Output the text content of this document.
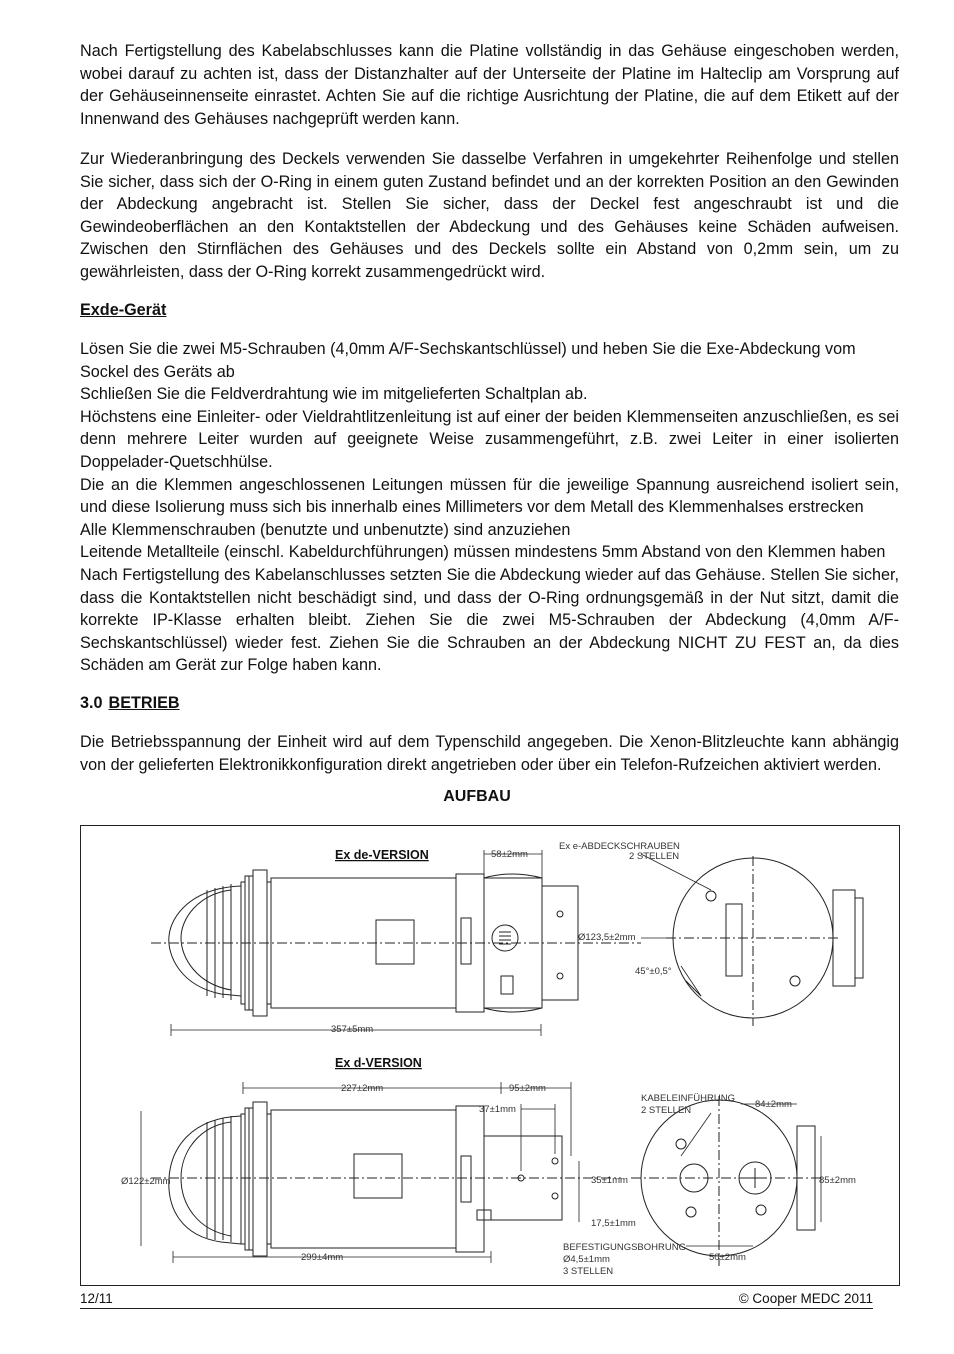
Nach Fertigstellung des Kabelabschlusses kann die Platine vollständig in das Gehäuse eingeschoben werden, wobei darauf zu achten ist, dass der Distanzhalter auf der Unterseite der Platine im Halteclip am Vorsprung auf der Gehäuseinnenseite einrastet. Achten Sie auf die richtige Ausrichtung der Platine, die auf dem Etikett auf der Innenwand des Gehäuses nachgeprüft werden kann.

Zur Wiederanbringung des Deckels verwenden Sie dasselbe Verfahren in umgekehrter Reihenfolge und stellen Sie sicher, dass sich der O-Ring in einem guten Zustand befindet und an der korrekten Position an den Gewinden der Abdeckung angebracht ist. Stellen Sie sicher, dass der Deckel fest angeschraubt ist und die Gewindeoberflächen an den Kontaktstellen der Abdeckung und des Gehäuses keine Schäden aufweisen. Zwischen den Stirnflächen des Gehäuses und des Deckels sollte ein Abstand von 0,2mm sein, um zu gewährleisten, dass der O-Ring korrekt zusammengedrückt wird.

Exde-Gerät

Lösen Sie die zwei M5-Schrauben (4,0mm A/F-Sechskantschlüssel) und heben Sie die Exe-Abdeckung vom Sockel des Geräts ab

Schließen Sie die Feldverdrahtung wie im mitgelieferten Schaltplan ab.

Höchstens eine Einleiter- oder Vieldrahtlitzenleitung ist auf einer der beiden Klemmenseiten anzuschließen, es sei denn mehrere Leiter wurden auf geeignete Weise zusammengeführt, z.B. zwei Leiter in einer isolierten Doppelader-Quetschhülse.

Die an die Klemmen angeschlossenen Leitungen müssen für die jeweilige Spannung ausreichend isoliert sein, und diese Isolierung muss sich bis innerhalb eines Millimeters vor dem Metall des Klemmenhalses erstrecken

Alle Klemmenschrauben (benutzte und unbenutzte) sind anzuziehen

Leitende Metallteile (einschl. Kabeldurchführungen) müssen mindestens 5mm Abstand von den Klemmen haben

Nach Fertigstellung des Kabelanschlusses setzten Sie die Abdeckung wieder auf das Gehäuse. Stellen Sie sicher, dass die Kontaktstellen nicht beschädigt sind, und dass der O-Ring ordnungsgemäß in der Nut sitzt, damit die korrekte IP-Klasse erhalten bleibt. Ziehen Sie die zwei M5-Schrauben der Abdeckung (4,0mm A/F-Sechskantschlüssel) wieder fest. Ziehen Sie die Schrauben an der Abdeckung NICHT ZU FEST an, da dies Schäden am Gerät zur Folge haben kann.

3.0 BETRIEB

Die Betriebsspannung der Einheit wird auf dem Typenschild angegeben. Die Xenon-Blitzleuchte kann abhängig von der gelieferten Elektronikkonfiguration direkt angetrieben oder über ein Telefon-Rufzeichen aktiviert werden.

AUFBAU
Ex de-VERSION	58±2mm
Ex e-ABDECKSCHRAUBEN
2 STELLEN
Ø123,5±2mm
45°±0,5°
357±5mm
Ex d-VERSION
227±2mm	95±2mm
37±1mm
KABELEINFÜHRUNG
2 STELLEN
84±2mm
Ø122±2mm	35±1mm	85±2mm
17,5±1mm
299±4mm
BEFESTIGUNGSBOHRUNG
Ø4,5±1mm
3 STELLEN
50±2mm
12/11	© Cooper MEDC 2011
